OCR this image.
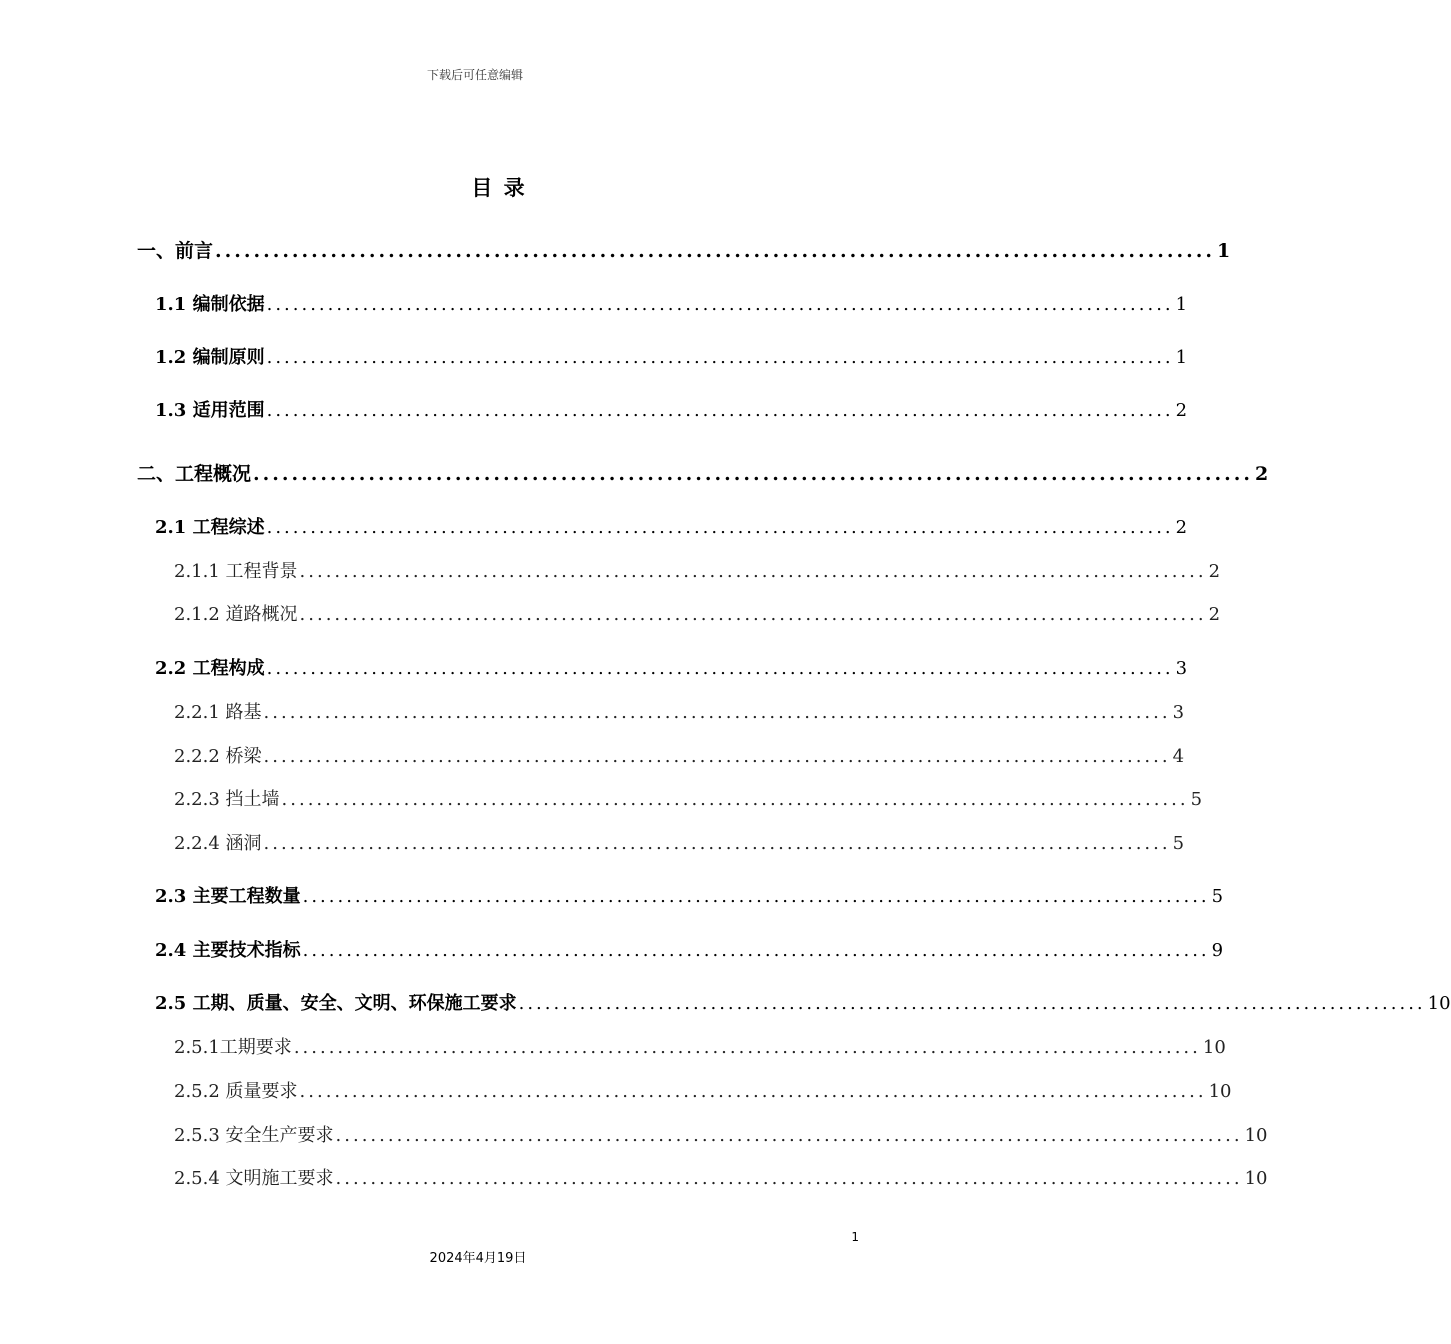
下载后可任意编辑
目 录
一、前言 ........................................................................................................ 1
1.1 编制依据 ........................................................................................................ 1
1.2 编制原则 ........................................................................................................ 1
1.3 适用范围 ........................................................................................................ 2
二、工程概况 ........................................................................................................ 2
2.1 工程综述 ........................................................................................................ 2
2.1.1 工程背景 ........................................................................................................ 2
2.1.2 道路概况 ........................................................................................................ 2
2.2 工程构成 ........................................................................................................ 3
2.2.1 路基 ........................................................................................................ 3
2.2.2 桥梁 ........................................................................................................ 4
2.2.3 挡土墙 ........................................................................................................ 5
2.2.4 涵洞 ........................................................................................................ 5
2.3 主要工程数量 ........................................................................................................ 5
2.4 主要技术指标 ........................................................................................................ 9
2.5 工期、质量、安全、文明、环保施工要求 ........................................................................................................ 10
2.5.1工期要求 ........................................................................................................ 10
2.5.2 质量要求 ........................................................................................................ 10
2.5.3 安全生产要求 ........................................................................................................ 10
2.5.4 文明施工要求 ........................................................................................................ 10
1
2024年4月19日
